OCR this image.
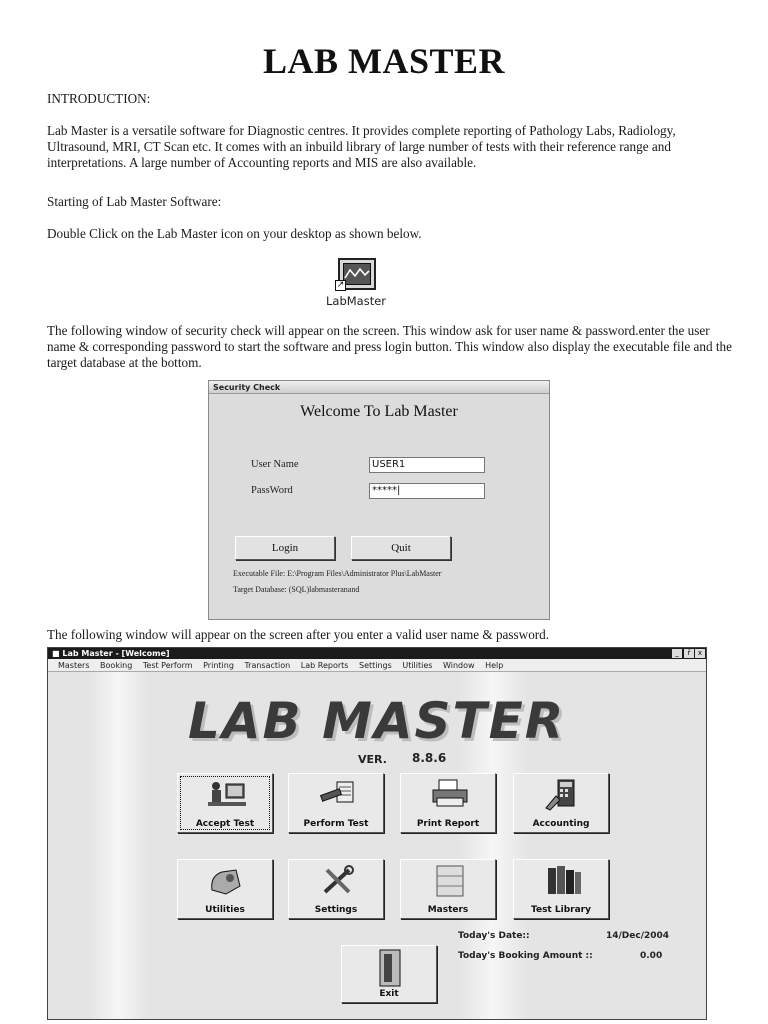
LAB MASTER
INTRODUCTION:
Lab Master is a versatile software for Diagnostic centres. It provides complete reporting of Pathology Labs, Radiology, Ultrasound, MRI, CT Scan etc. It comes with an inbuild library of large number of tests with their reference range and interpretations. A large number of Accounting reports and MIS are also available.
Starting of Lab Master Software:
Double Click on the Lab Master icon on your desktop as shown below.
↗
LabMaster
The following window of security check will appear on the screen. This window ask for user name & password.enter the user name & corresponding password to start the software and press login button. This window also display the executable file and the target database at the bottom.
Security Check
Welcome To Lab Master
User Name	USER1
PassWord	*****|
Login	Quit
Executable File: E:\Program Files\Administrator Plus\LabMaster
Target Database: (SQL)labmasteranand
The following window will appear on the screen after you enter a valid user name & password.
■ Lab Master - [Welcome]	_	ř	x
Masters Booking Test Perform Printing Transaction Lab Reports Settings Utilities Window Help
LAB MASTER
VER. 8.8.6
Accept Test	Perform Test	Print Report	Accounting
Utilities	Settings	Masters	Test Library
Today's Date::	14/Dec/2004
Today's Booking Amount ::	0.00
Exit
